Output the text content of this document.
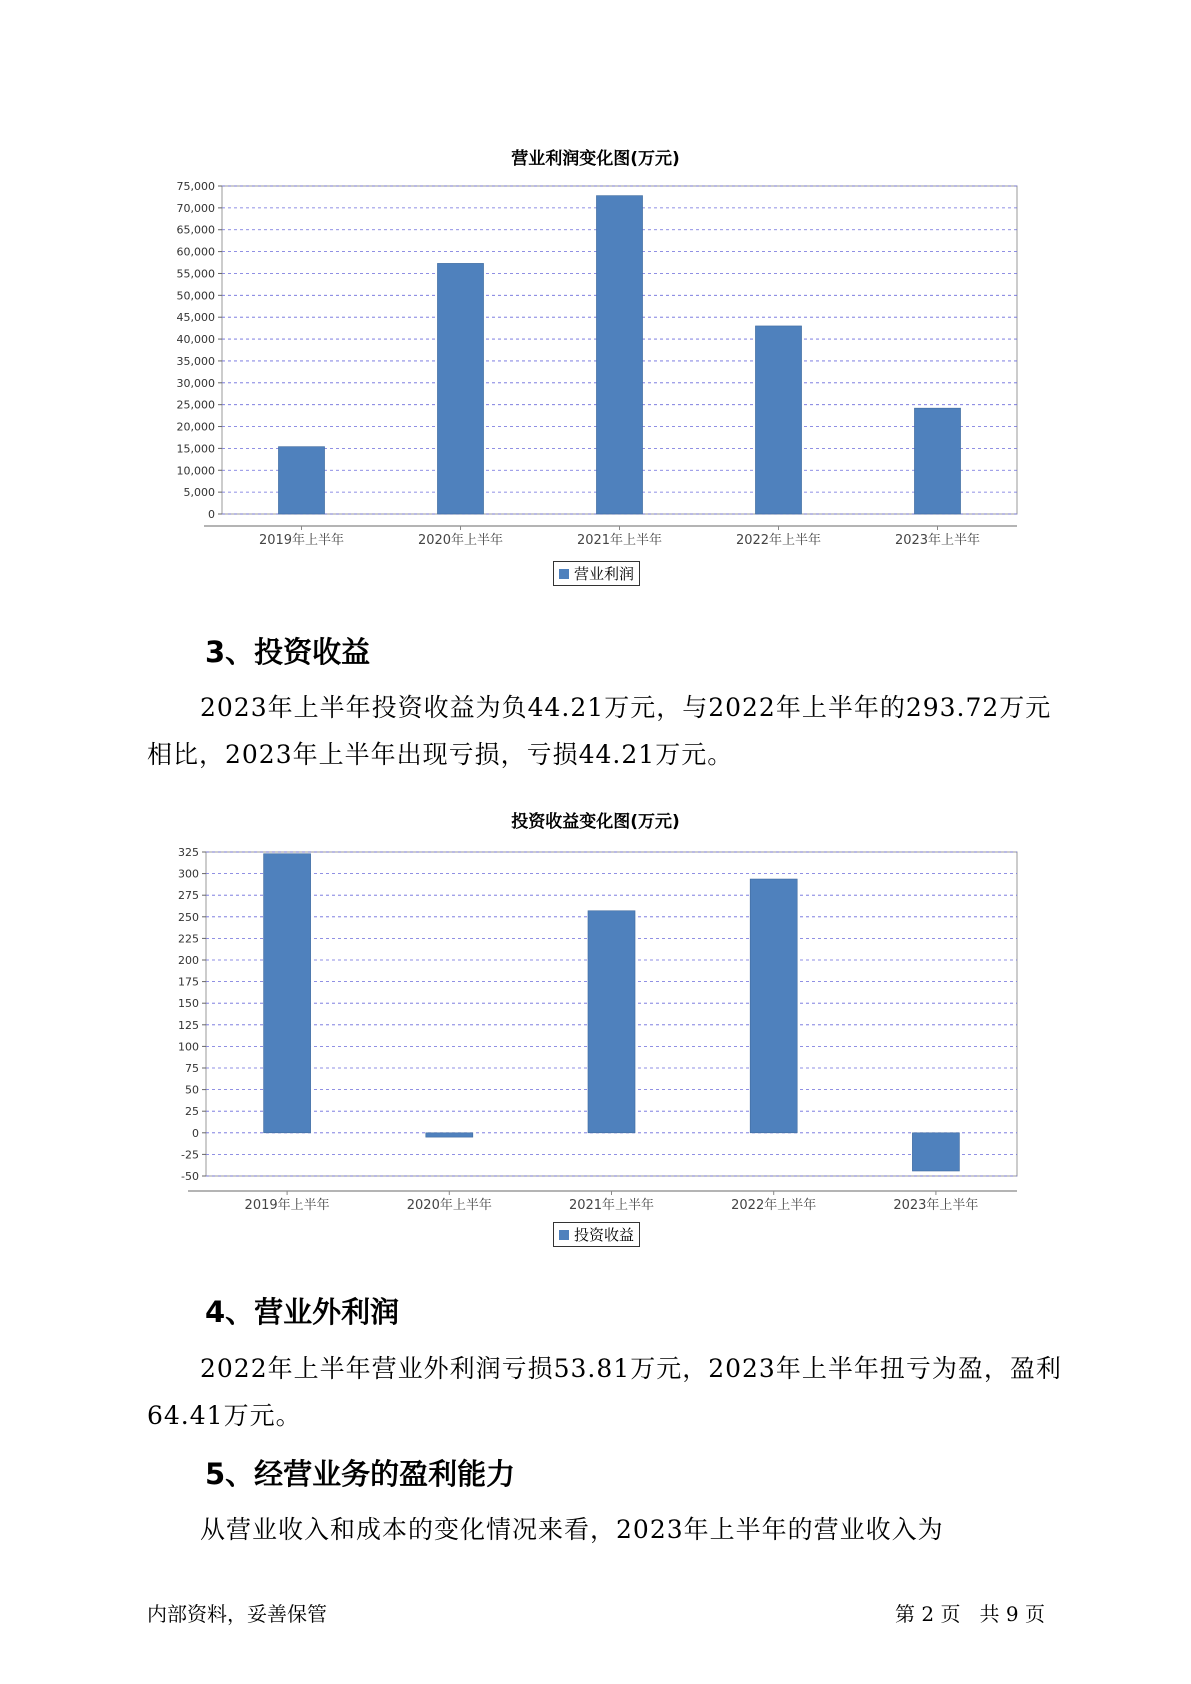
营业利润变化图(万元)
0
5,000
10,000
15,000
20,000
25,000
30,000
35,000
40,000
45,000
50,000
55,000
60,000
65,000
70,000
75,000
2019年上半年	2020年上半年	2021年上半年	2022年上半年	2023年上半年
营业利润
3、投资收益

2023年上半年投资收益为负44.21万元，与2022年上半年的293.72万元相比，2023年上半年出现亏损，亏损44.21万元。

投资收益变化图(万元)
-50
-25
0
25
50
75
100
125
150
175
200
225
250
275
300
325
2019年上半年	2020年上半年	2021年上半年	2022年上半年	2023年上半年
投资收益
4、营业外利润

2022年上半年营业外利润亏损53.81万元，2023年上半年扭亏为盈，盈利64.41万元。

5、经营业务的盈利能力

从营业收入和成本的变化情况来看，2023年上半年的营业收入为

内部资料，妥善保管	第 2 页   共 9 页
